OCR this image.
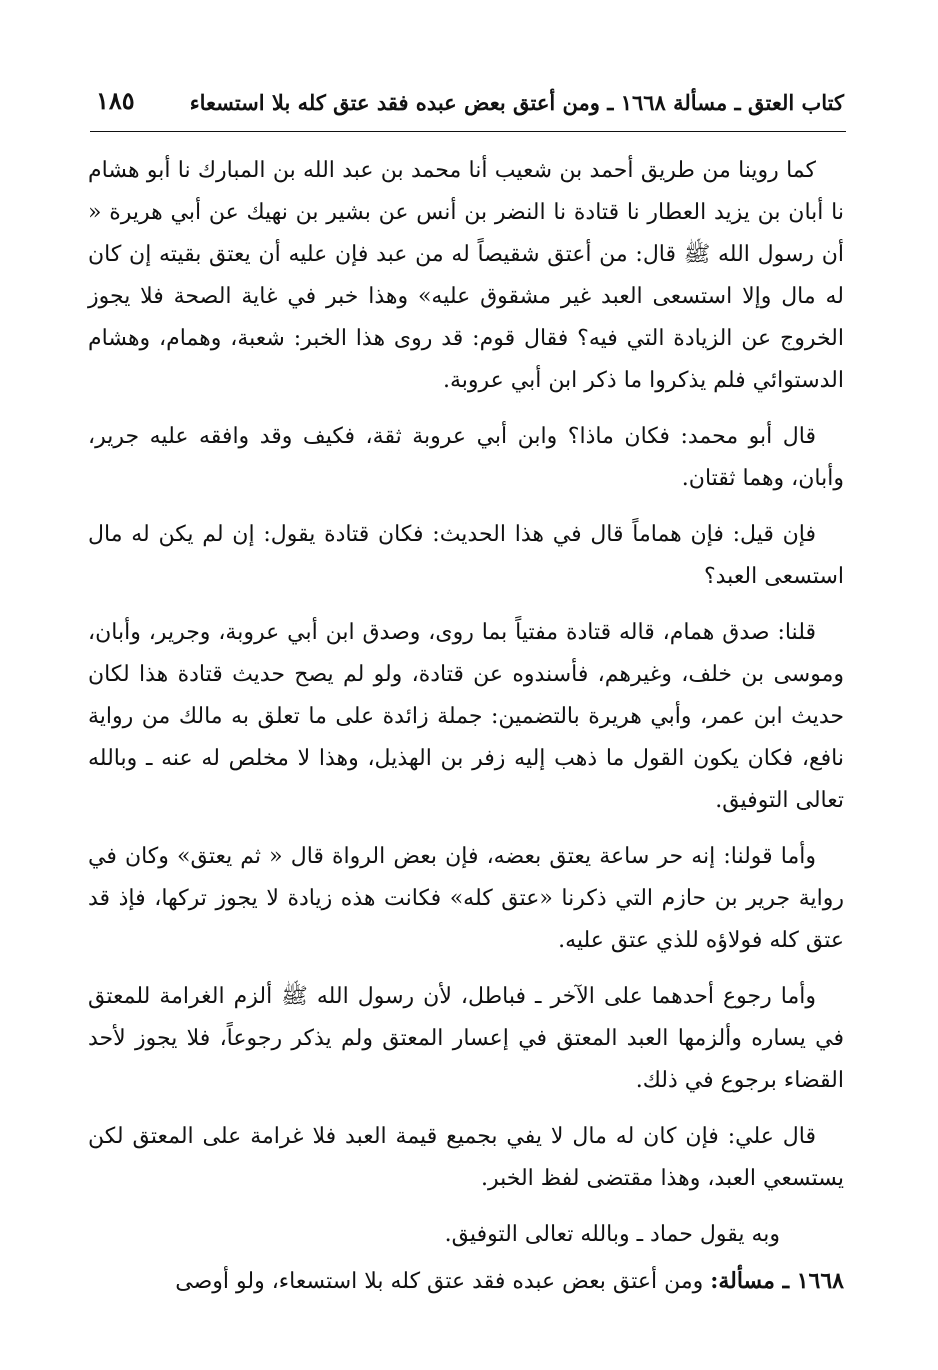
كتاب العتق ـ مسألة ١٦٦٨ ـ ومن أعتق بعض عبده فقد عتق كله بلا استسعاء
١٨٥

كما روينا من طريق أحمد بن شعيب أنا محمد بن عبد الله بن المبارك نا أبو هشام نا أبان بن يزيد العطار نا قتادة نا النضر بن أنس عن بشير بن نهيك عن أبي هريرة « أن رسول الله ﷺ قال: من أعتق شقيصاً له من عبد فإن عليه أن يعتق بقيته إن كان له مال وإلا استسعى العبد غير مشقوق عليه» وهذا خبر في غاية الصحة فلا يجوز الخروج عن الزيادة التي فيه؟ فقال قوم: قد روى هذا الخبر: شعبة، وهمام، وهشام الدستوائي فلم يذكروا ما ذكر ابن أبي عروبة.

قال أبو محمد: فكان ماذا؟ وابن أبي عروبة ثقة، فكيف وقد وافقه عليه جرير، وأبان، وهما ثقتان.

فإن قيل: فإن هماماً قال في هذا الحديث: فكان قتادة يقول: إن لم يكن له مال استسعى العبد؟

قلنا: صدق همام، قاله قتادة مفتياً بما روى، وصدق ابن أبي عروبة، وجرير، وأبان، وموسى بن خلف، وغيرهم، فأسندوه عن قتادة، ولو لم يصح حديث قتادة هذا لكان حديث ابن عمر، وأبي هريرة بالتضمين: جملة زائدة على ما تعلق به مالك من رواية نافع، فكان يكون القول ما ذهب إليه زفر بن الهذيل، وهذا لا مخلص له عنه ـ وبالله تعالى التوفيق.

وأما قولنا: إنه حر ساعة يعتق بعضه، فإن بعض الرواة قال « ثم يعتق» وكان في رواية جرير بن حازم التي ذكرنا «عتق كله» فكانت هذه زيادة لا يجوز تركها، فإذ قد عتق كله فولاؤه للذي عتق عليه.

وأما رجوع أحدهما على الآخر ـ فباطل، لأن رسول الله ﷺ ألزم الغرامة للمعتق في يساره وألزمها العبد المعتق في إعسار المعتق ولم يذكر رجوعاً، فلا يجوز لأحد القضاء برجوع في ذلك.

قال علي: فإن كان له مال لا يفي بجميع قيمة العبد فلا غرامة على المعتق لكن يستسعي العبد، وهذا مقتضى لفظ الخبر.

وبه يقول حماد ـ وبالله تعالى التوفيق.

١٦٦٨ ـ مسألة: ومن أعتق بعض عبده فقد عتق كله بلا استسعاء، ولو أوصى
